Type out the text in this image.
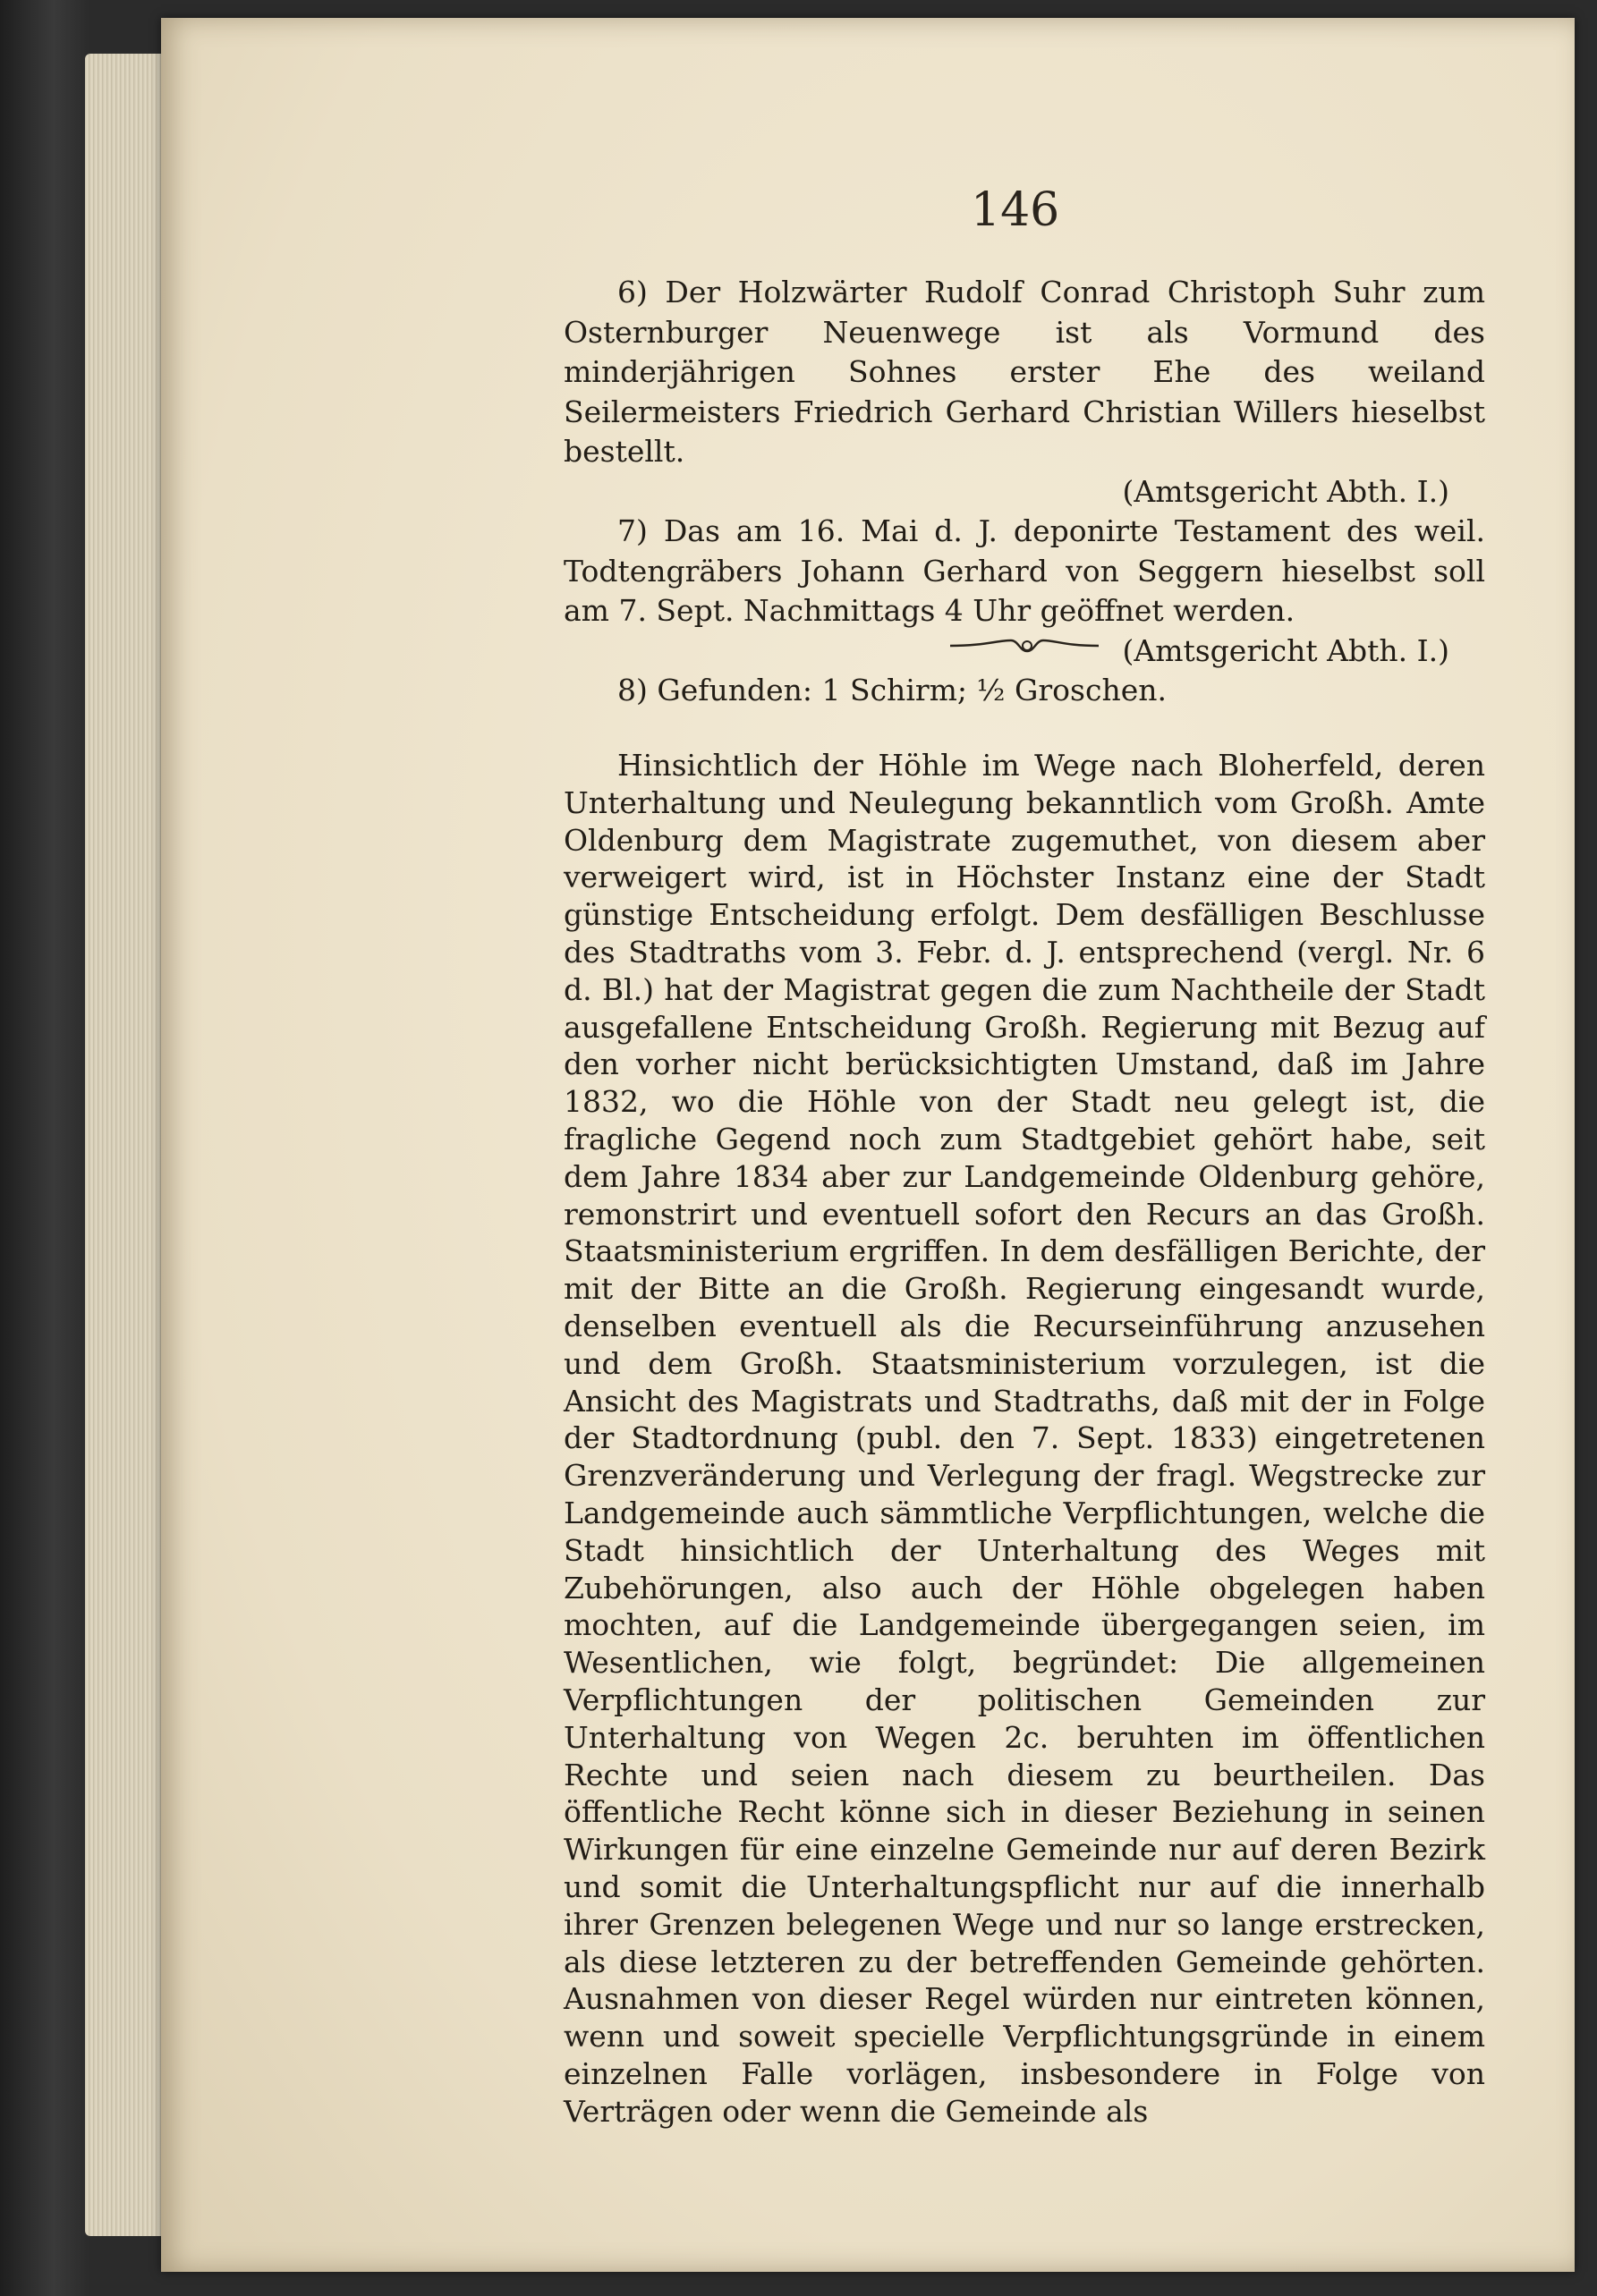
146

6) Der Holzwärter Rudolf Conrad Christoph Suhr zum Osternburger Neuenwege ist als Vormund des minderjährigen Sohnes erster Ehe des weiland Seilermeisters Friedrich Gerhard Christian Willers hieselbst bestellt.

(Amtsgericht Abth. I.)

7) Das am 16. Mai d. J. deponirte Testament des weil. Todtengräbers Johann Gerhard von Seggern hieselbst soll am 7. Sept. Nachmittags 4 Uhr geöffnet werden.

(Amtsgericht Abth. I.)

8) Gefunden: 1 Schirm; ½ Groschen.

Hinsichtlich der Höhle im Wege nach Bloherfeld, deren Unterhaltung und Neulegung bekanntlich vom Großh. Amte Oldenburg dem Magistrate zugemuthet, von diesem aber verweigert wird, ist in Höchster Instanz eine der Stadt günstige Entscheidung erfolgt. Dem desfälligen Beschlusse des Stadtraths vom 3. Febr. d. J. entsprechend (vergl. Nr. 6 d. Bl.) hat der Magistrat gegen die zum Nachtheile der Stadt ausgefallene Entscheidung Großh. Regierung mit Bezug auf den vorher nicht berücksichtigten Umstand, daß im Jahre 1832, wo die Höhle von der Stadt neu gelegt ist, die fragliche Gegend noch zum Stadtgebiet gehört habe, seit dem Jahre 1834 aber zur Landgemeinde Oldenburg gehöre, remonstrirt und eventuell sofort den Recurs an das Großh. Staatsministerium ergriffen. In dem desfälligen Berichte, der mit der Bitte an die Großh. Regierung eingesandt wurde, denselben eventuell als die Recurseinführung anzusehen und dem Großh. Staatsministerium vorzulegen, ist die Ansicht des Magistrats und Stadtraths, daß mit der in Folge der Stadtordnung (publ. den 7. Sept. 1833) eingetretenen Grenzveränderung und Verlegung der fragl. Wegstrecke zur Landgemeinde auch sämmtliche Verpflichtungen, welche die Stadt hinsichtlich der Unterhaltung des Weges mit Zubehörungen, also auch der Höhle obgelegen haben mochten, auf die Landgemeinde übergegangen seien, im Wesentlichen, wie folgt, begründet: Die allgemeinen Verpflichtungen der politischen Gemeinden zur Unterhaltung von Wegen 2c. beruhten im öffentlichen Rechte und seien nach diesem zu beurtheilen. Das öffentliche Recht könne sich in dieser Beziehung in seinen Wirkungen für eine einzelne Gemeinde nur auf deren Bezirk und somit die Unterhaltungspflicht nur auf die innerhalb ihrer Grenzen belegenen Wege und nur so lange erstrecken, als diese letzteren zu der betreffenden Gemeinde gehörten. Ausnahmen von dieser Regel würden nur eintreten können, wenn und soweit specielle Verpflichtungsgründe in einem einzelnen Falle vorlägen, insbesondere in Folge von Verträgen oder wenn die Gemeinde als
